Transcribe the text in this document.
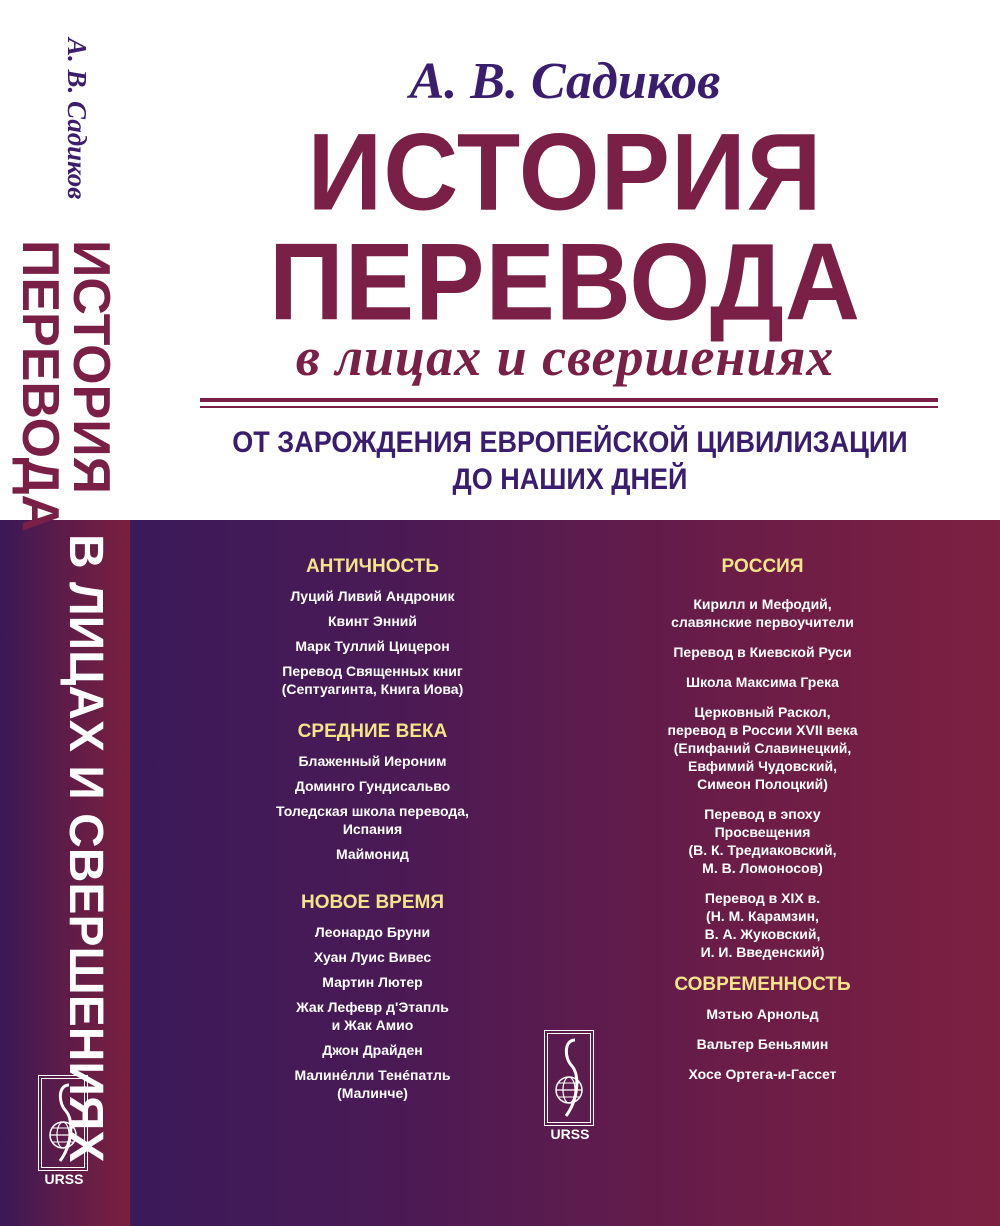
А. В. Садиков
ИСТОРИЯ
ПЕРЕВОДА
В ЛИЦАХ И СВЕРШЕНИЯХ
URSS
А. В. Садиков
ИСТОРИЯ
ПЕРЕВОДА
в лицах и свершениях
ОТ ЗАРОЖДЕНИЯ ЕВРОПЕЙСКОЙ ЦИВИЛИЗАЦИИ
ДО НАШИХ ДНЕЙ
АНТИЧНОСТЬ
Луций Ливий Андроник
Квинт Энний
Марк Туллий Цицерон
Перевод Священных книг
(Септуагинта, Книга Иова)
СРЕДНИЕ ВЕКА
Блаженный Иероним
Доминго Гундисальво
Толедская школа перевода,
Испания
Маймонид
НОВОЕ ВРЕМЯ
Леонардо Бруни
Хуан Луис Вивес
Мартин Лютер
Жак Лефевр д'Этапль
и Жак Амио
Джон Драйден
Малинéлли Тенéпатль
(Малинче)
РОССИЯ
Кирилл и Мефодий,
славянские первоучители
Перевод в Киевской Руси
Школа Максима Грека
Церковный Раскол,
перевод в России XVII века
(Епифаний Славинецкий,
Евфимий Чудовский,
Симеон Полоцкий)
Перевод в эпоху
Просвещения
(В. К. Тредиаковский,
М. В. Ломоносов)
Перевод в XIX в.
(Н. М. Карамзин,
В. А. Жуковский,
И. И. Введенский)
СОВРЕМЕННОСТЬ
Мэтью Арнольд
Вальтер Беньямин
Хосе Ортега-и-Гассет
URSS
